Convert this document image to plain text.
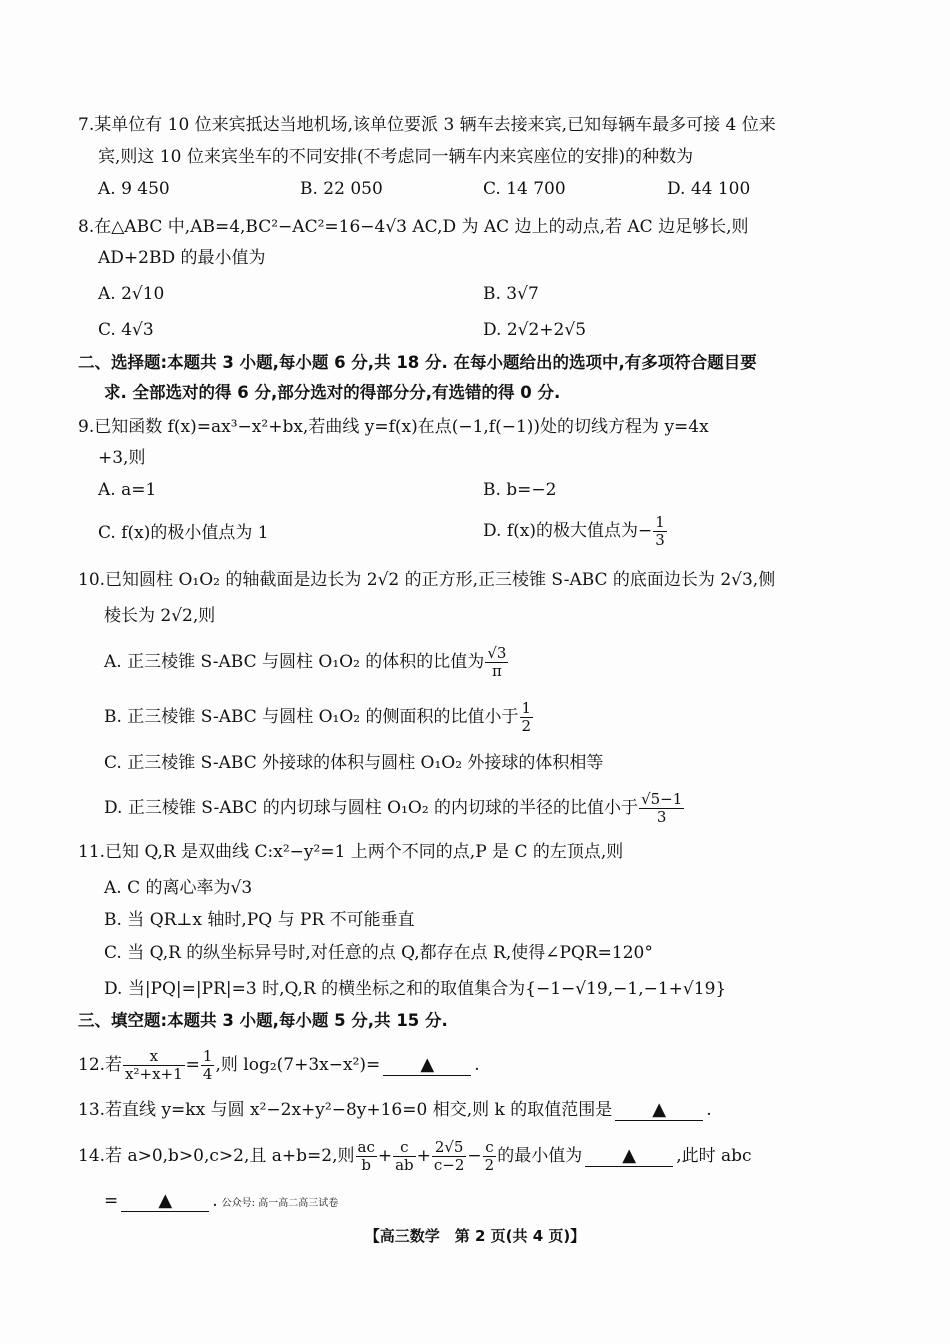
7.某单位有 10 位来宾抵达当地机场,该单位要派 3 辆车去接来宾,已知每辆车最多可接 4 位来
宾,则这 10 位来宾坐车的不同安排(不考虑同一辆车内来宾座位的安排)的种数为
A. 9 450	B. 22 050	C. 14 700	D. 44 100
8.在△ABC 中,AB=4,BC²−AC²=16−4√3 AC,D 为 AC 边上的动点,若 AC 边足够长,则
AD+2BD 的最小值为
A. 2√10	B. 3√7
C. 4√3	D. 2√2+2√5
二、选择题:本题共 3 小题,每小题 6 分,共 18 分. 在每小题给出的选项中,有多项符合题目要
求. 全部选对的得 6 分,部分选对的得部分分,有选错的得 0 分.
9.已知函数 f(x)=ax³−x²+bx,若曲线 y=f(x)在点(−1,f(−1))处的切线方程为 y=4x
+3,则
A. a=1	B. b=−2
C. f(x)的极小值点为 1	D. f(x)的极大值点为− $\frac{1}{3}$
10.已知圆柱 O₁O₂ 的轴截面是边长为 2√2 的正方形,正三棱锥 S-ABC 的底面边长为 2√3,侧
棱长为 2√2,则
A. 正三棱锥 S-ABC 与圆柱 O₁O₂ 的体积的比值为 $\frac{√3}{\pi}$
B. 正三棱锥 S-ABC 与圆柱 O₁O₂ 的侧面积的比值小于 $\frac{1}{2}$
C. 正三棱锥 S-ABC 外接球的体积与圆柱 O₁O₂ 外接球的体积相等
D. 正三棱锥 S-ABC 的内切球与圆柱 O₁O₂ 的内切球的半径的比值小于 $\frac{√5-1}{3}$
11.已知 Q,R 是双曲线 C:x²−y²=1 上两个不同的点,P 是 C 的左顶点,则
A. C 的离心率为√3
B. 当 QR⊥x 轴时,PQ 与 PR 不可能垂直
C. 当 Q,R 的纵坐标异号时,对任意的点 Q,都存在点 R,使得∠PQR=120°
D. 当|PQ|=|PR|=3 时,Q,R 的横坐标之和的取值集合为{−1−√19,−1,−1+√19}
三、填空题:本题共 3 小题,每小题 5 分,共 15 分.
12.若 $\frac{x}{\text{x²+x+1}} = \frac{1}{4}$ ,则 log₂(7+3x−x²)= ▲ .
13.若直线 y=kx 与圆 x²−2x+y²−8y+16=0 相交,则 k 的取值范围是 ▲ .
14.若 a>0,b>0,c>2,且 a+b=2,则 $\frac{ac}{b} + \frac{c}{ab} + \frac{2√5}{c-2} - \frac{c}{2}$ 的最小值为 ▲ ,此时 abc
= ▲ . 公众号: 高一高二高三试卷
【高三数学　第 2 页(共 4 页)】
